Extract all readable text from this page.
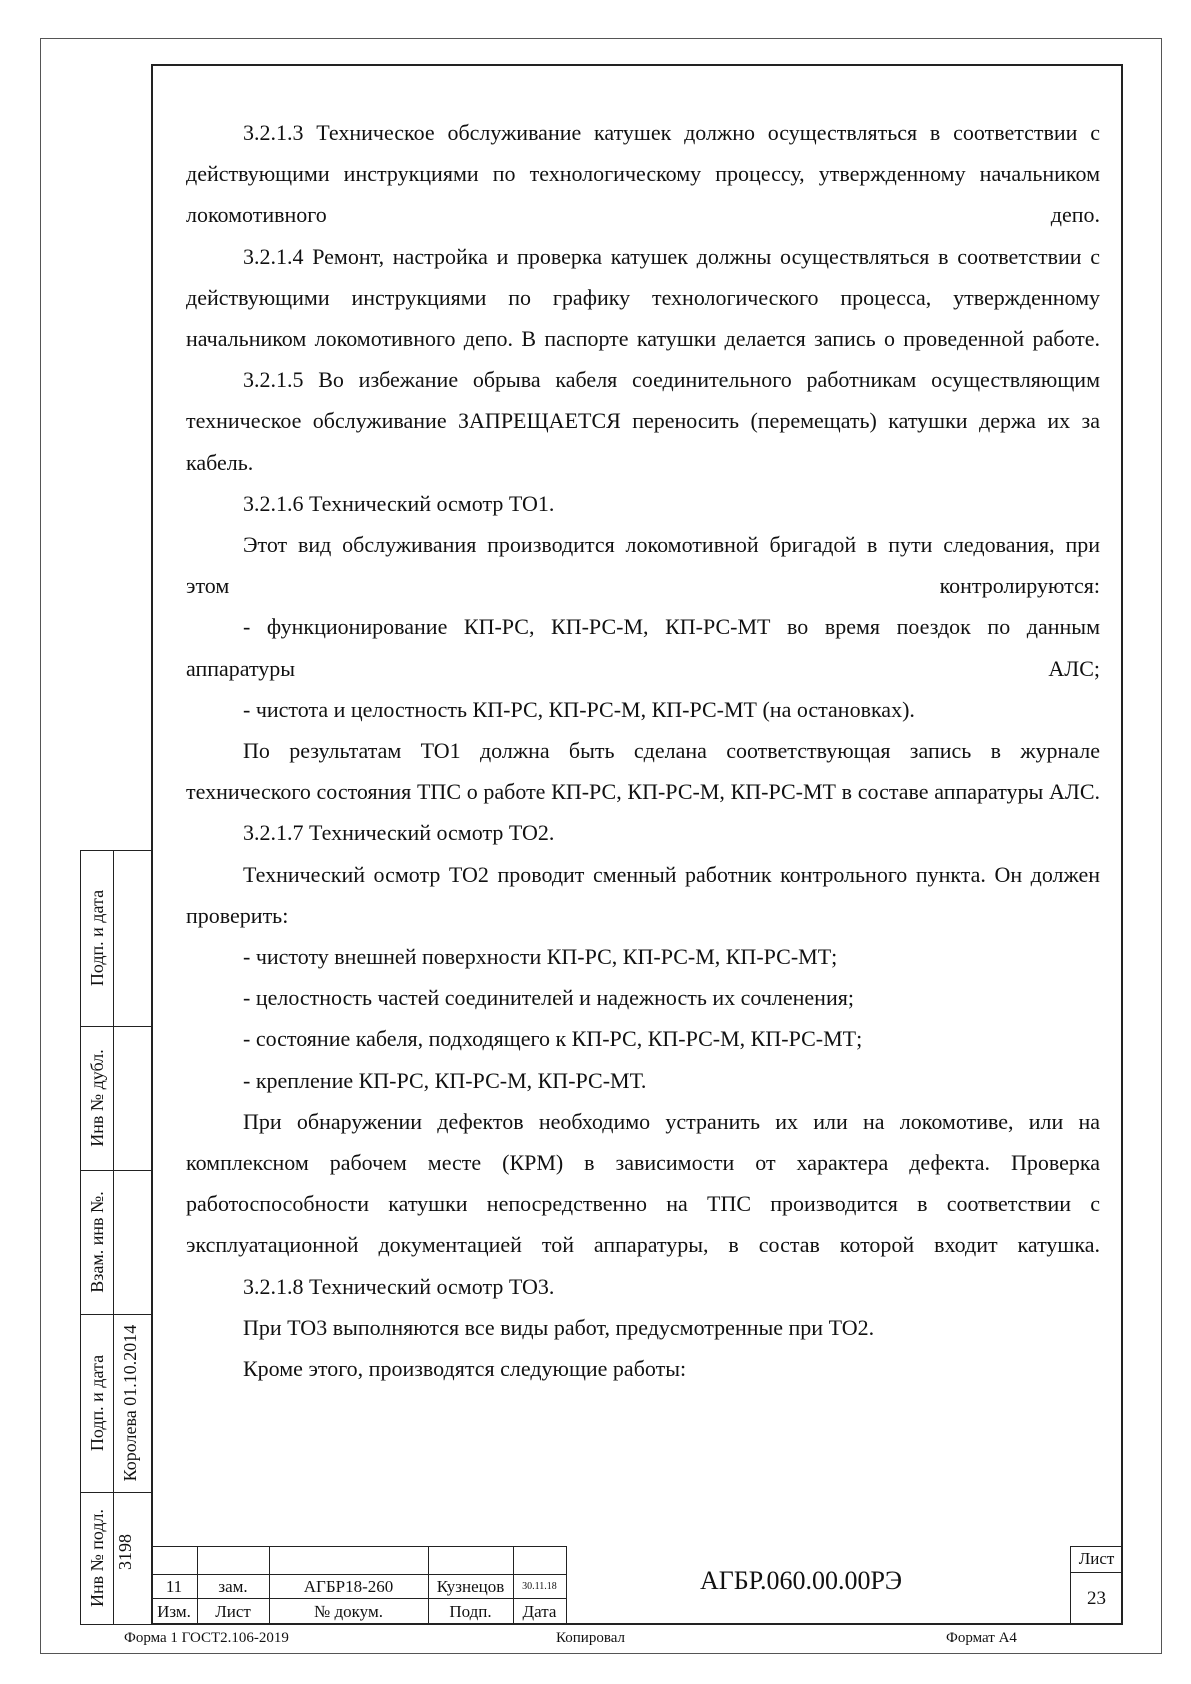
3.2.1.3 Техническое обслуживание катушек должно осуществляться в соответствии с действующими инструкциями по технологическому процессу, утвержденному начальником локомотивного депо.

3.2.1.4 Ремонт, настройка и проверка катушек должны осуществляться в соответствии с действующими инструкциями по графику технологического процесса, утвержденному начальником локомотивного депо. В паспорте катушки делается запись о проведенной работе.

3.2.1.5 Во избежание обрыва кабеля соединительного работникам осуществляющим техническое обслуживание ЗАПРЕЩАЕТСЯ переносить (перемещать) катушки держа их за кабель.

3.2.1.6 Технический осмотр ТО1.

Этот вид обслуживания производится локомотивной бригадой в пути следования, при этом контролируются:

- функционирование КП-РС, КП-РС-М, КП-РС-МТ во время поездок по данным аппаратуры АЛС;

- чистота и целостность КП-РС, КП-РС-М, КП-РС-МТ (на остановках).

По результатам ТО1 должна быть сделана соответствующая запись в журнале технического состояния ТПС о работе КП-РС, КП-РС-М, КП-РС-МТ в составе аппаратуры АЛС.

3.2.1.7 Технический осмотр ТО2.

Технический осмотр ТО2 проводит сменный работник контрольного пункта. Он должен проверить:

- чистоту внешней поверхности КП-РС, КП-РС-М, КП-РС-МТ;

- целостность частей соединителей и надежность их сочленения;

- состояние кабеля, подходящего к КП-РС, КП-РС-М, КП-РС-МТ;

- крепление КП-РС, КП-РС-М, КП-РС-МТ.

При обнаружении дефектов необходимо устранить их или на локомотиве, или на комплексном рабочем месте (КРМ) в зависимости от характера дефекта. Проверка работоспособности катушки непосредственно на ТПС производится в соответствии с эксплуатационной документацией той аппаратуры, в состав которой входит катушка.

3.2.1.8 Технический осмотр ТО3.

При ТО3 выполняются все виды работ, предусмотренные при ТО2.

Кроме этого, производятся следующие работы:

Подп. и дата
Инв № дубл.
Взам. инв №.
Подп. и дата Королева 01.10.2014
Инв № подл. 3198
11	зам.	АГБР18-260	Кузнецов	30.11.18
Изм.	Лист	№ докум.	Подп.	Дата
АГБР.060.00.00РЭ
Лист
23
Форма 1 ГОСТ2.106-2019	Копировал	Формат А4
